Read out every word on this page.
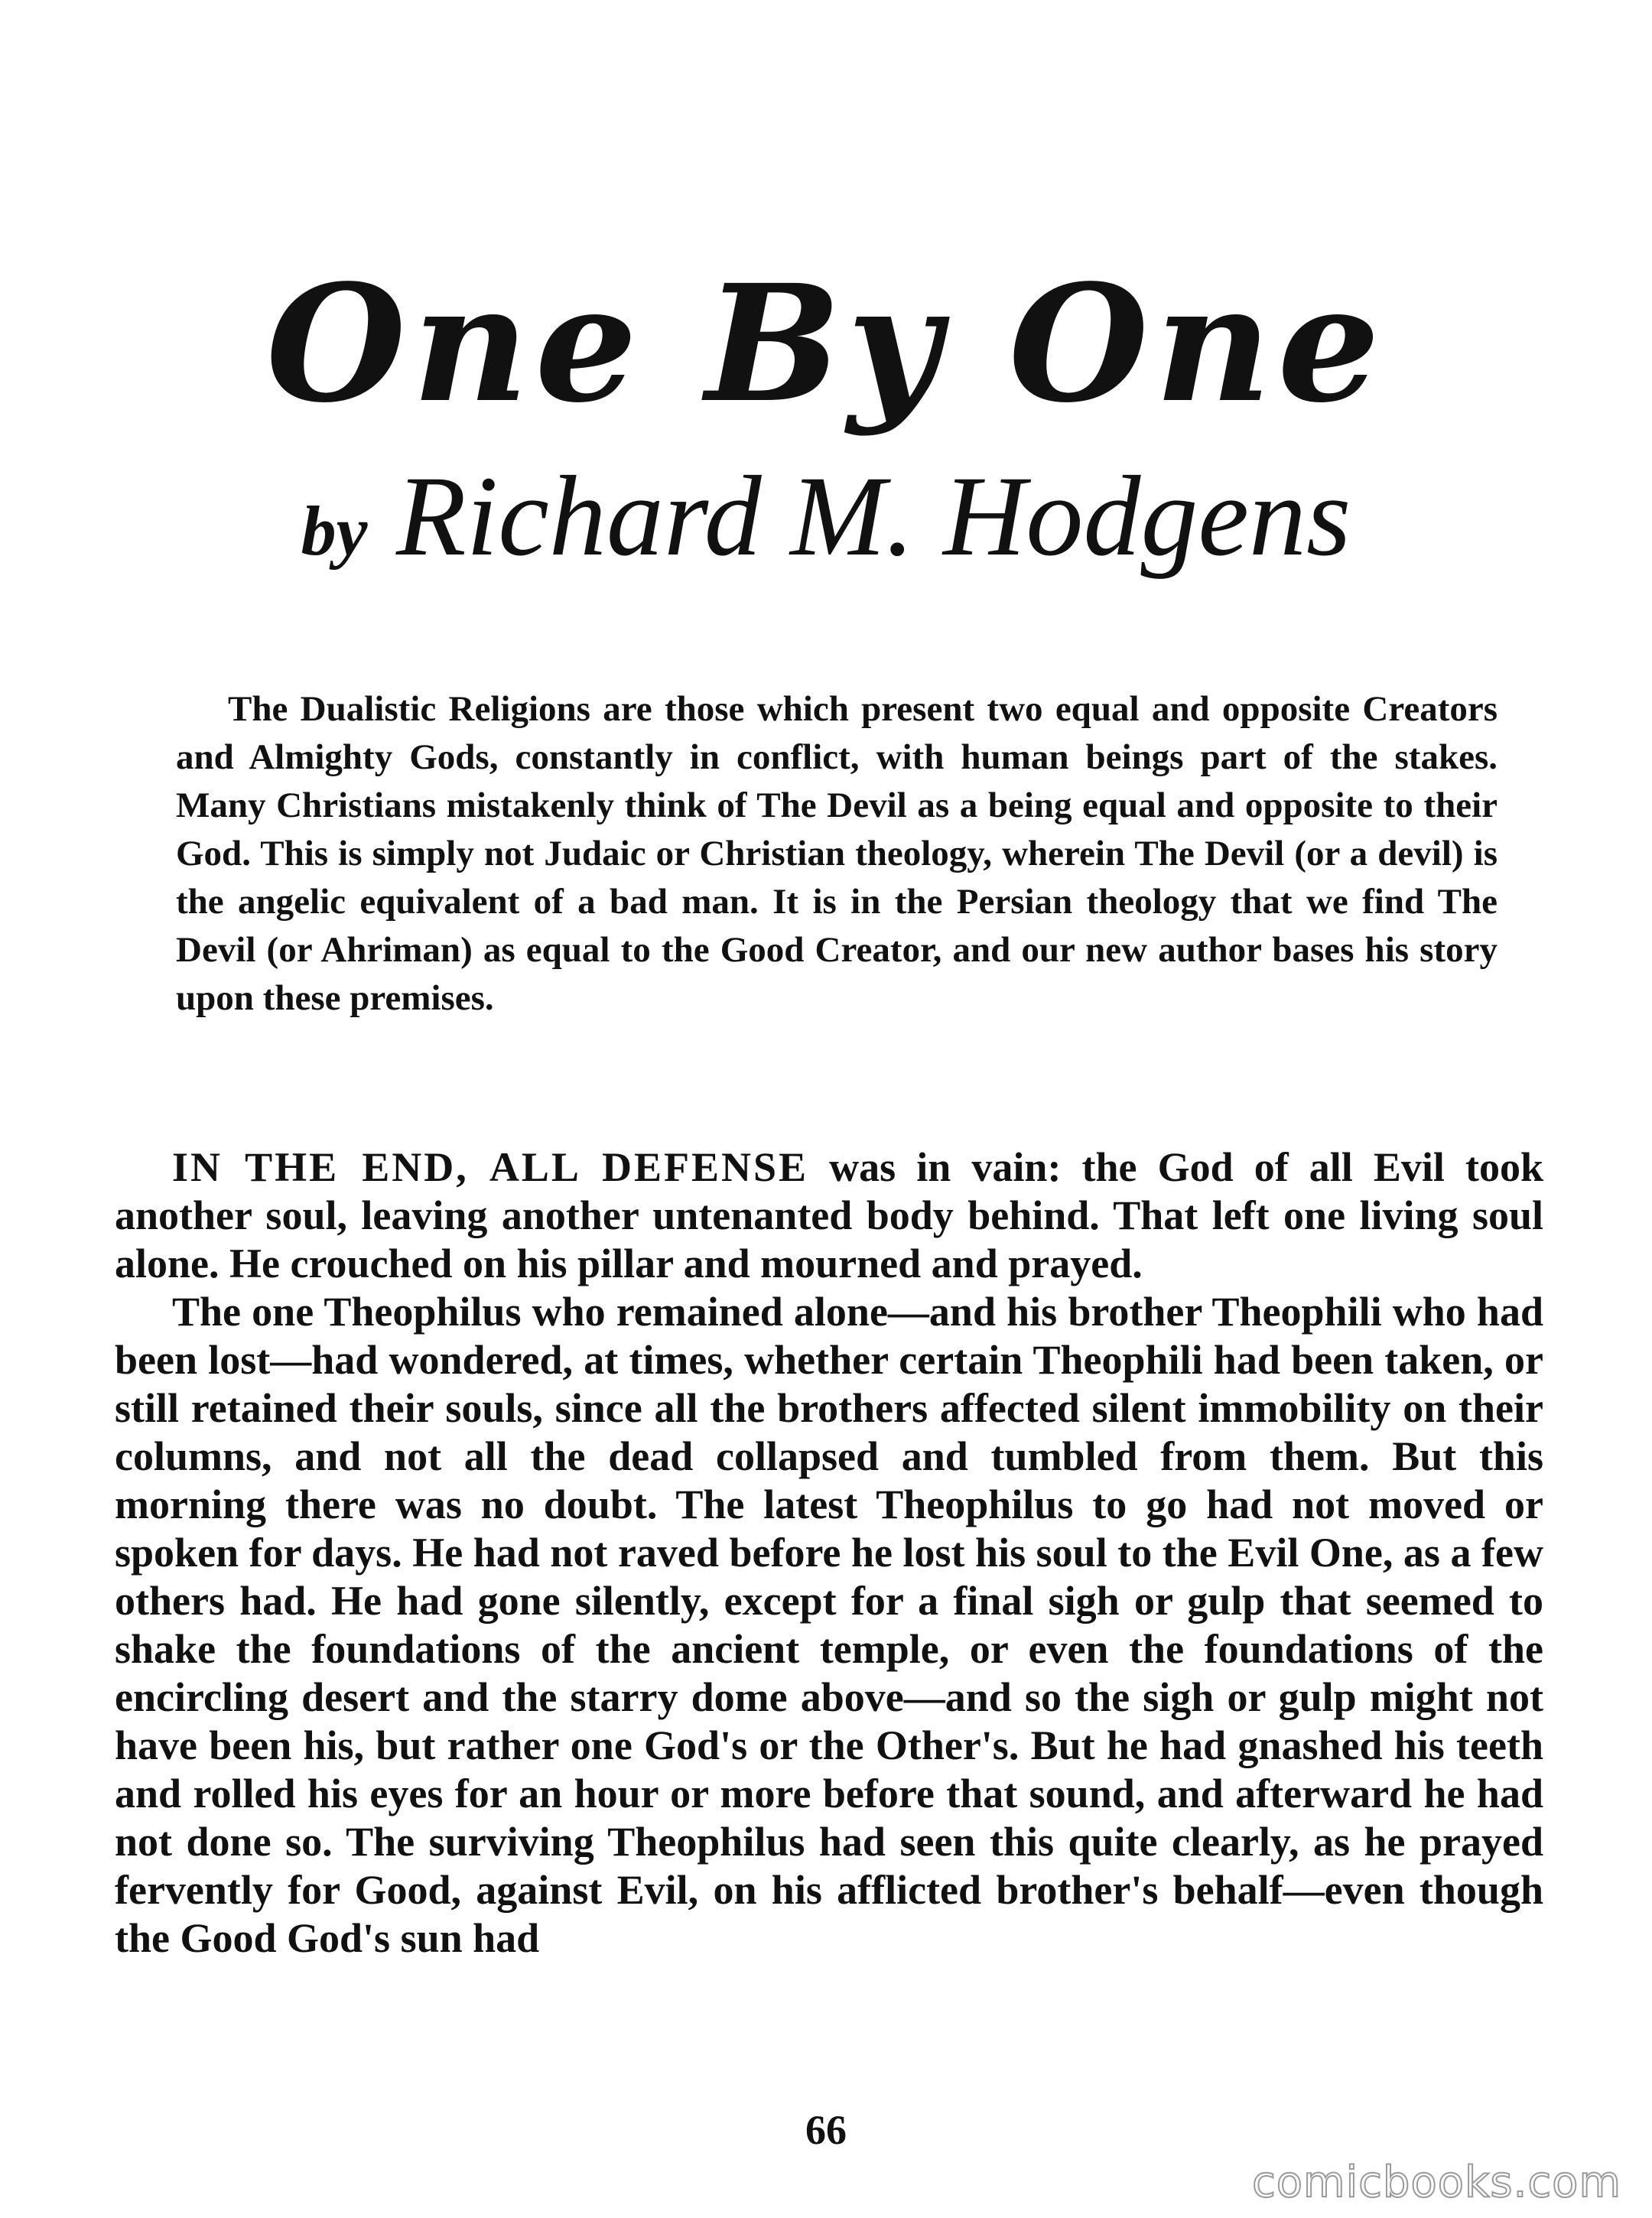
One By One
by Richard M. Hodgens

The Dualistic Religions are those which present two equal and opposite Creators and Almighty Gods, constantly in conflict, with human beings part of the stakes. Many Christians mistakenly think of The Devil as a being equal and opposite to their God. This is simply not Judaic or Christian theology, wherein The Devil (or a devil) is the angelic equivalent of a bad man. It is in the Persian theology that we find The Devil (or Ahriman) as equal to the Good Creator, and our new author bases his story upon these premises.

IN THE END, ALL DEFENSE was in vain: the God of all Evil took another soul, leaving another untenanted body behind. That left one living soul alone. He crouched on his pillar and mourned and prayed.

The one Theophilus who remained alone—and his brother Theophili who had been lost—had wondered, at times, whether certain Theophili had been taken, or still retained their souls, since all the brothers affected silent immobility on their columns, and not all the dead collapsed and tumbled from them. But this morning there was no doubt. The latest Theophilus to go had not moved or spoken for days. He had not raved before he lost his soul to the Evil One, as a few others had. He had gone silently, except for a final sigh or gulp that seemed to shake the foundations of the ancient temple, or even the foundations of the encircling desert and the starry dome above—and so the sigh or gulp might not have been his, but rather one God's or the Other's. But he had gnashed his teeth and rolled his eyes for an hour or more before that sound, and afterward he had not done so. The surviving Theophilus had seen this quite clearly, as he prayed fervently for Good, against Evil, on his afflicted brother's behalf—even though the Good God's sun had

66
comicbooks.com
